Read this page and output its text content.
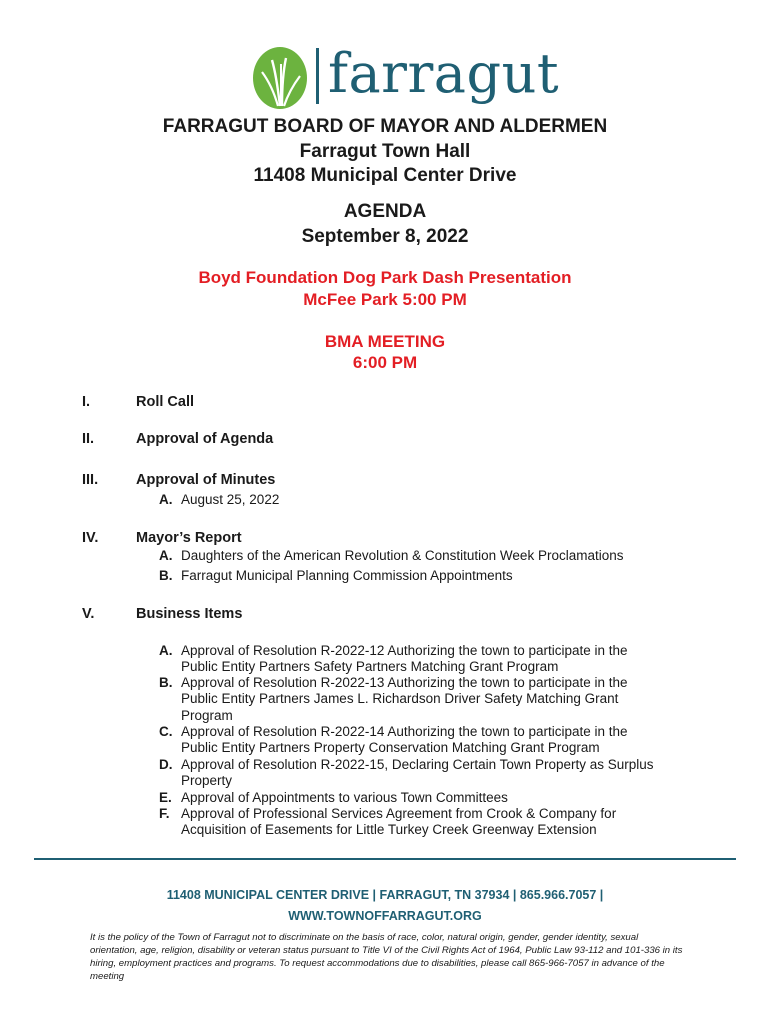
farragut
FARRAGUT BOARD OF MAYOR AND ALDERMEN
Farragut Town Hall
11408 Municipal Center Drive
AGENDA
September 8, 2022
Boyd Foundation Dog Park Dash Presentation
McFee Park 5:00 PM
BMA MEETING
6:00 PM
I.	Roll Call
II.	Approval of Agenda
III.	Approval of Minutes
A. August 25, 2022
IV.	Mayor’s Report
A. Daughters of the American Revolution & Constitution Week Proclamations
B. Farragut Municipal Planning Commission Appointments
V.	Business Items
A. Approval of Resolution R-2022-12 Authorizing the town to participate in the Public Entity Partners Safety Partners Matching Grant Program
B. Approval of Resolution R-2022-13 Authorizing the town to participate in the Public Entity Partners James L. Richardson Driver Safety Matching Grant Program
C. Approval of Resolution R-2022-14 Authorizing the town to participate in the Public Entity Partners Property Conservation Matching Grant Program
D. Approval of Resolution R-2022-15, Declaring Certain Town Property as Surplus Property
E. Approval of Appointments to various Town Committees
F. Approval of Professional Services Agreement from Crook & Company for Acquisition of Easements for Little Turkey Creek Greenway Extension
11408 MUNICIPAL CENTER DRIVE | FARRAGUT, TN 37934 | 865.966.7057 |
WWW.TOWNOFFARRAGUT.ORG
It is the policy of the Town of Farragut not to discriminate on the basis of race, color, natural origin, gender, gender identity, sexual orientation, age, religion, disability or veteran status pursuant to Title VI of the Civil Rights Act of 1964, Public Law 93-112 and 101-336 in its hiring, employment practices and programs. To request accommodations due to disabilities, please call 865-966-7057 in advance of the meeting
